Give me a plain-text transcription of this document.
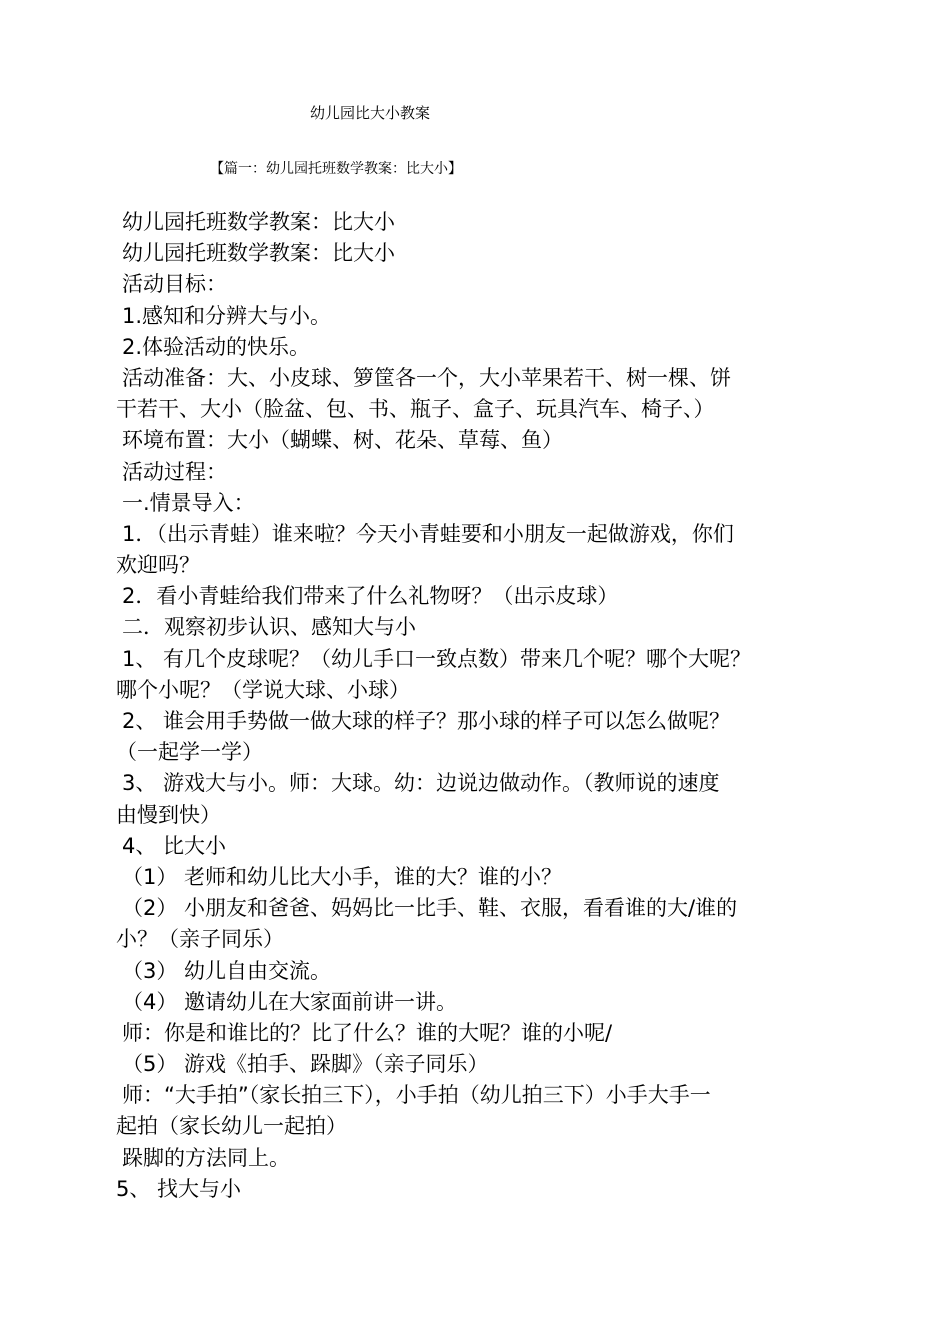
幼儿园比大小教案
【篇一：幼儿园托班数学教案：比大小】
幼儿园托班数学教案：比大小
幼儿园托班数学教案：比大小
活动目标：
1.感知和分辨大与小。
2.体验活动的快乐。
活动准备：大、小皮球、箩筐各一个，大小苹果若干、树一棵、饼
干若干、大小（脸盆、包、书、瓶子、盒子、玩具汽车、椅子、）
环境布置：大小（蝴蝶、树、花朵、草莓、鱼）
活动过程：
一.情景导入：
1．（出示青蛙）谁来啦？今天小青蛙要和小朋友一起做游戏，你们
欢迎吗？
2．看小青蛙给我们带来了什么礼物呀？（出示皮球）
二．观察初步认识、感知大与小
1、 有几个皮球呢？（幼儿手口一致点数）带来几个呢？哪个大呢？
哪个小呢？（学说大球、小球）
2、 谁会用手势做一做大球的样子？那小球的样子可以怎么做呢？
（一起学一学）
3、 游戏大与小。师：大球。幼：边说边做动作。（教师说的速度
由慢到快）
4、 比大小
（1） 老师和幼儿比大小手，谁的大？谁的小？
（2） 小朋友和爸爸、妈妈比一比手、鞋、衣服，看看谁的大/谁的
小？（亲子同乐）
（3） 幼儿自由交流。
（4） 邀请幼儿在大家面前讲一讲。
师：你是和谁比的？比了什么？谁的大呢？谁的小呢/
（5） 游戏《拍手、跺脚》（亲子同乐）
师：“大手拍”（家长拍三下），小手拍（幼儿拍三下）小手大手一
起拍（家长幼儿一起拍）
跺脚的方法同上。
5、 找大与小
